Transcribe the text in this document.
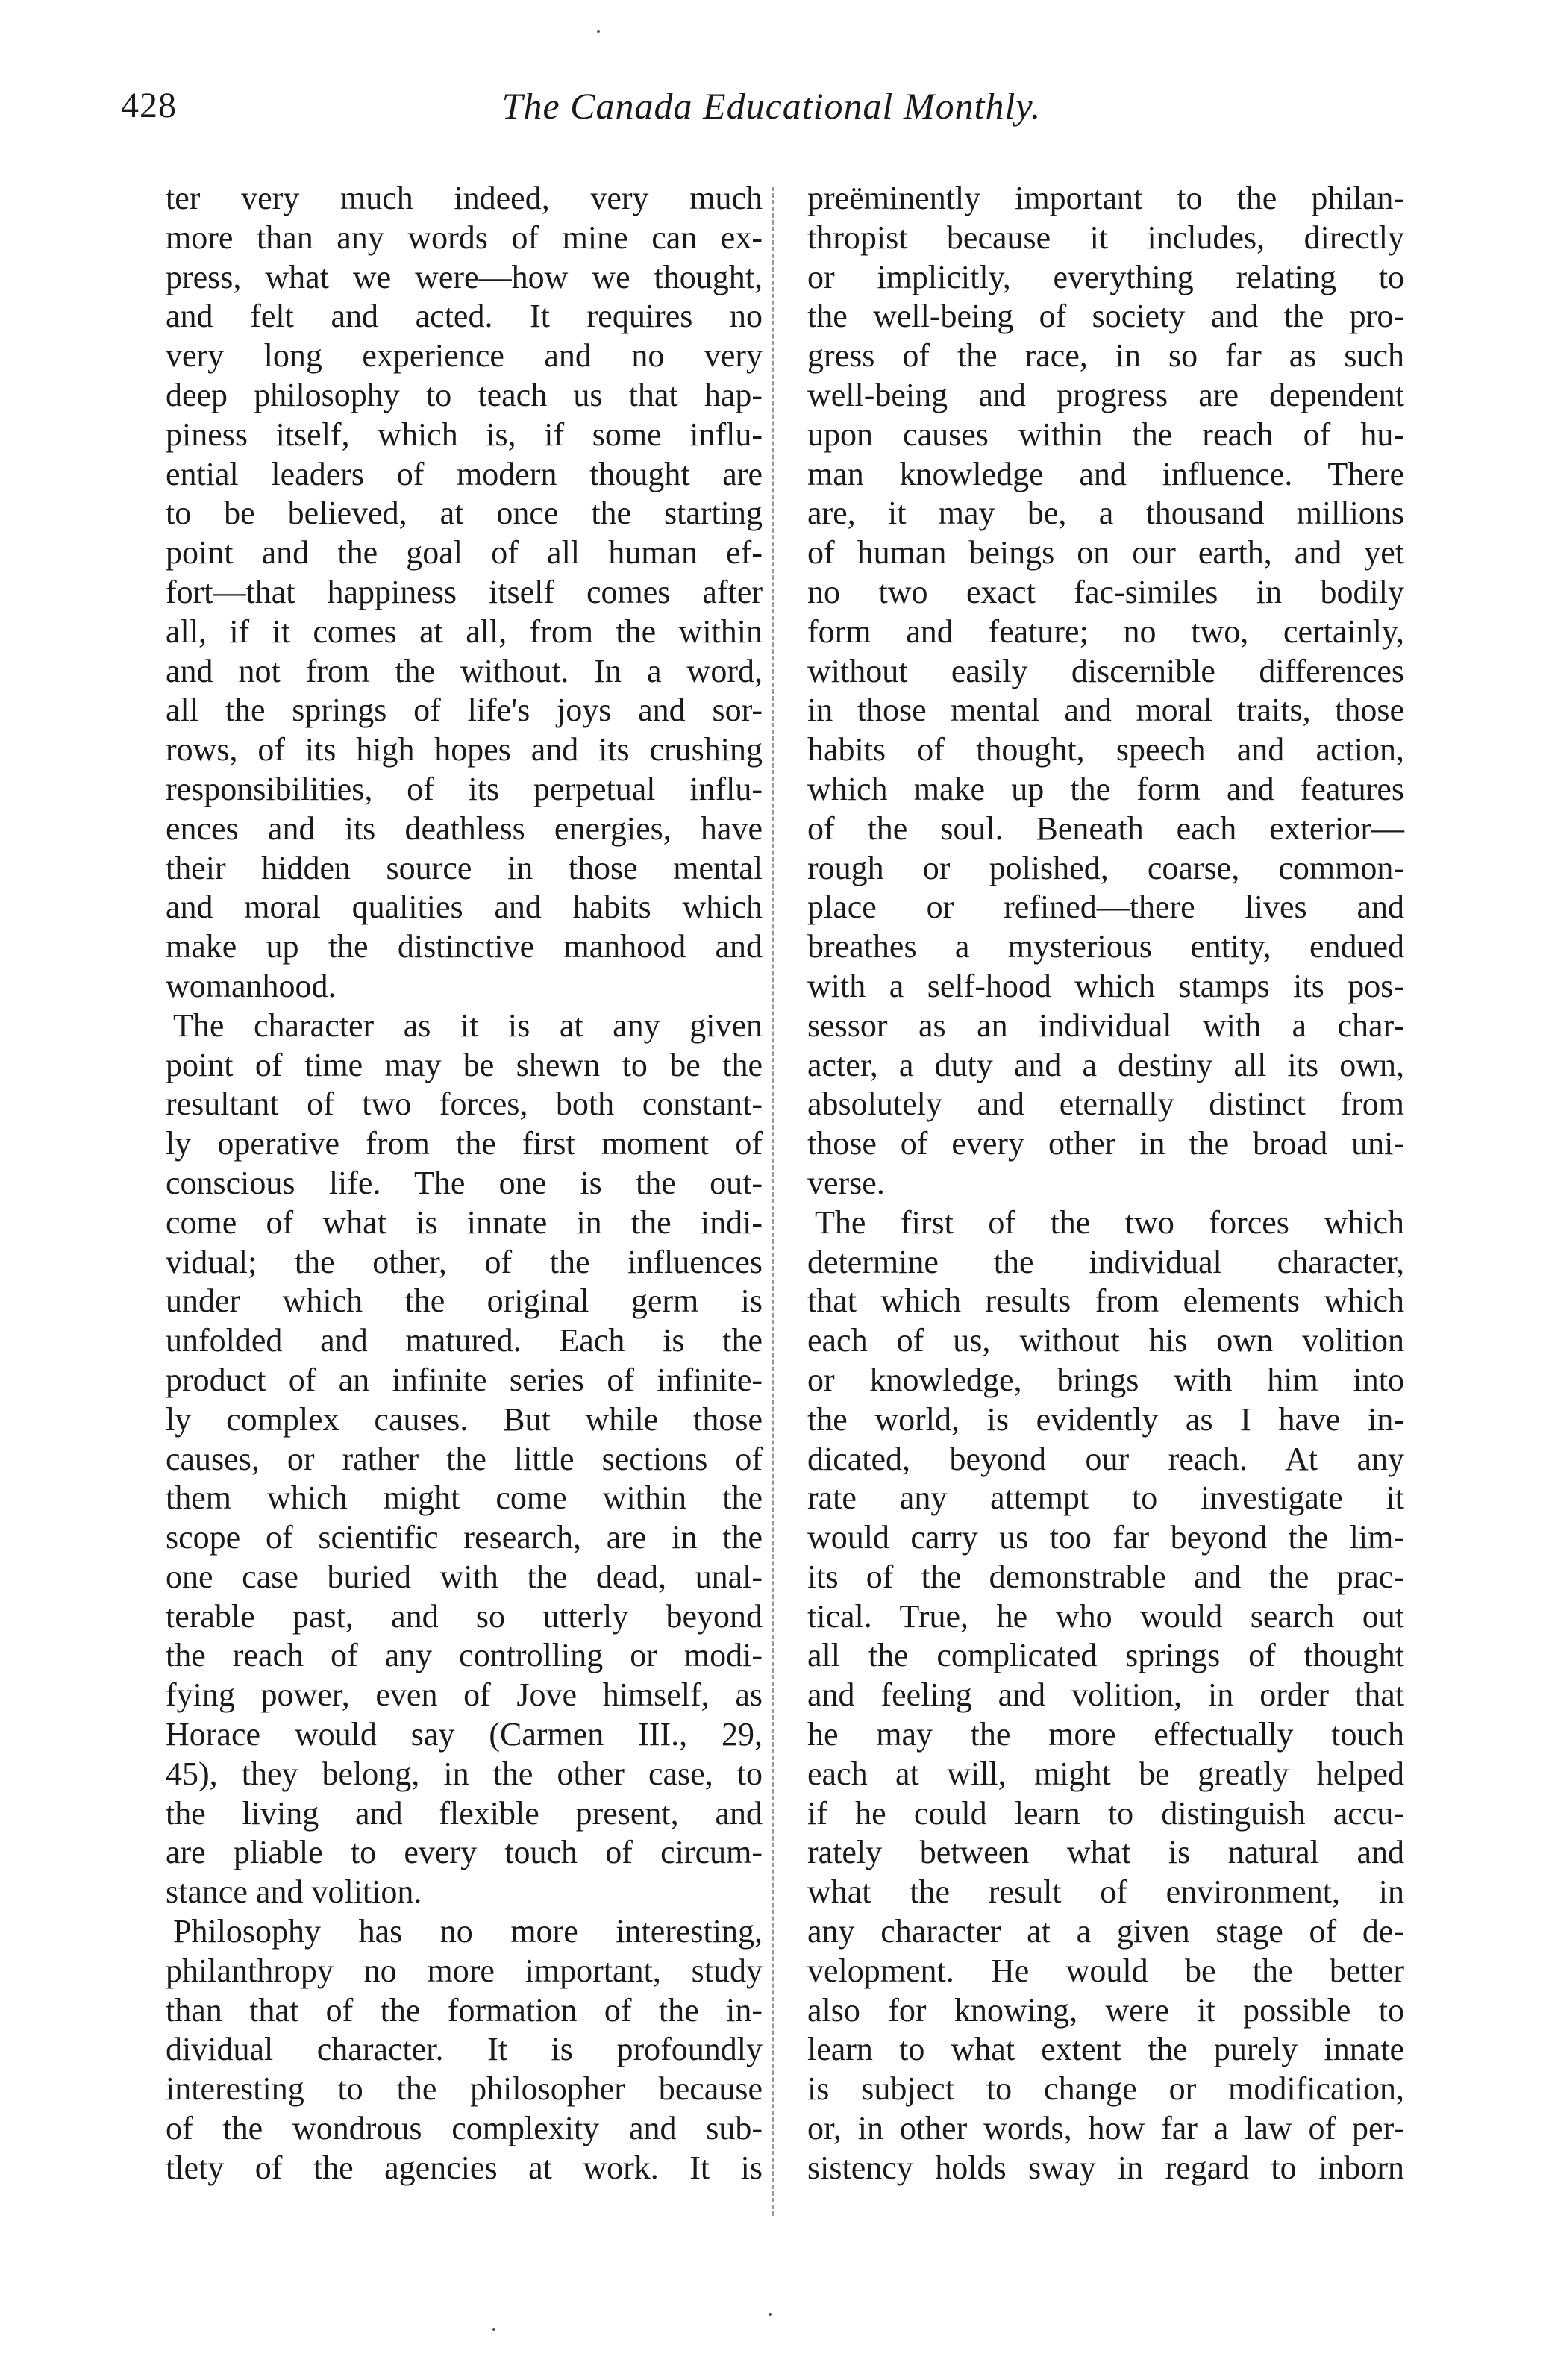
428	The Canada Educational Monthly.
ter very much indeed, very much
more than any words of mine can ex-
press, what we were—how we thought,
and felt and acted. It requires no
very long experience and no very
deep philosophy to teach us that hap-
piness itself, which is, if some influ-
ential leaders of modern thought are
to be believed, at once the starting
point and the goal of all human ef-
fort—that happiness itself comes after
all, if it comes at all, from the within
and not from the without. In a word,
all the springs of life's joys and sor-
rows, of its high hopes and its crushing
responsibilities, of its perpetual influ-
ences and its deathless energies, have
their hidden source in those mental
and moral qualities and habits which
make up the distinctive manhood and
womanhood.
The character as it is at any given
point of time may be shewn to be the
resultant of two forces, both constant-
ly operative from the first moment of
conscious life. The one is the out-
come of what is innate in the indi-
vidual; the other, of the influences
under which the original germ is
unfolded and matured. Each is the
product of an infinite series of infinite-
ly complex causes. But while those
causes, or rather the little sections of
them which might come within the
scope of scientific research, are in the
one case buried with the dead, unal-
terable past, and so utterly beyond
the reach of any controlling or modi-
fying power, even of Jove himself, as
Horace would say (Carmen III., 29,
45), they belong, in the other case, to
the living and flexible present, and
are pliable to every touch of circum-
stance and volition.
Philosophy has no more interesting,
philanthropy no more important, study
than that of the formation of the in-
dividual character. It is profoundly
interesting to the philosopher because
of the wondrous complexity and sub-
tlety of the agencies at work. It is
preëminently important to the philan-
thropist because it includes, directly
or implicitly, everything relating to
the well-being of society and the pro-
gress of the race, in so far as such
well-being and progress are dependent
upon causes within the reach of hu-
man knowledge and influence. There
are, it may be, a thousand millions
of human beings on our earth, and yet
no two exact fac-similes in bodily
form and feature; no two, certainly,
without easily discernible differences
in those mental and moral traits, those
habits of thought, speech and action,
which make up the form and features
of the soul. Beneath each exterior—
rough or polished, coarse, common-
place or refined—there lives and
breathes a mysterious entity, endued
with a self-hood which stamps its pos-
sessor as an individual with a char-
acter, a duty and a destiny all its own,
absolutely and eternally distinct from
those of every other in the broad uni-
verse.
The first of the two forces which
determine the individual character,
that which results from elements which
each of us, without his own volition
or knowledge, brings with him into
the world, is evidently as I have in-
dicated, beyond our reach. At any
rate any attempt to investigate it
would carry us too far beyond the lim-
its of the demonstrable and the prac-
tical. True, he who would search out
all the complicated springs of thought
and feeling and volition, in order that
he may the more effectually touch
each at will, might be greatly helped
if he could learn to distinguish accu-
rately between what is natural and
what the result of environment, in
any character at a given stage of de-
velopment. He would be the better
also for knowing, were it possible to
learn to what extent the purely innate
is subject to change or modification,
or, in other words, how far a law of per-
sistency holds sway in regard to inborn
